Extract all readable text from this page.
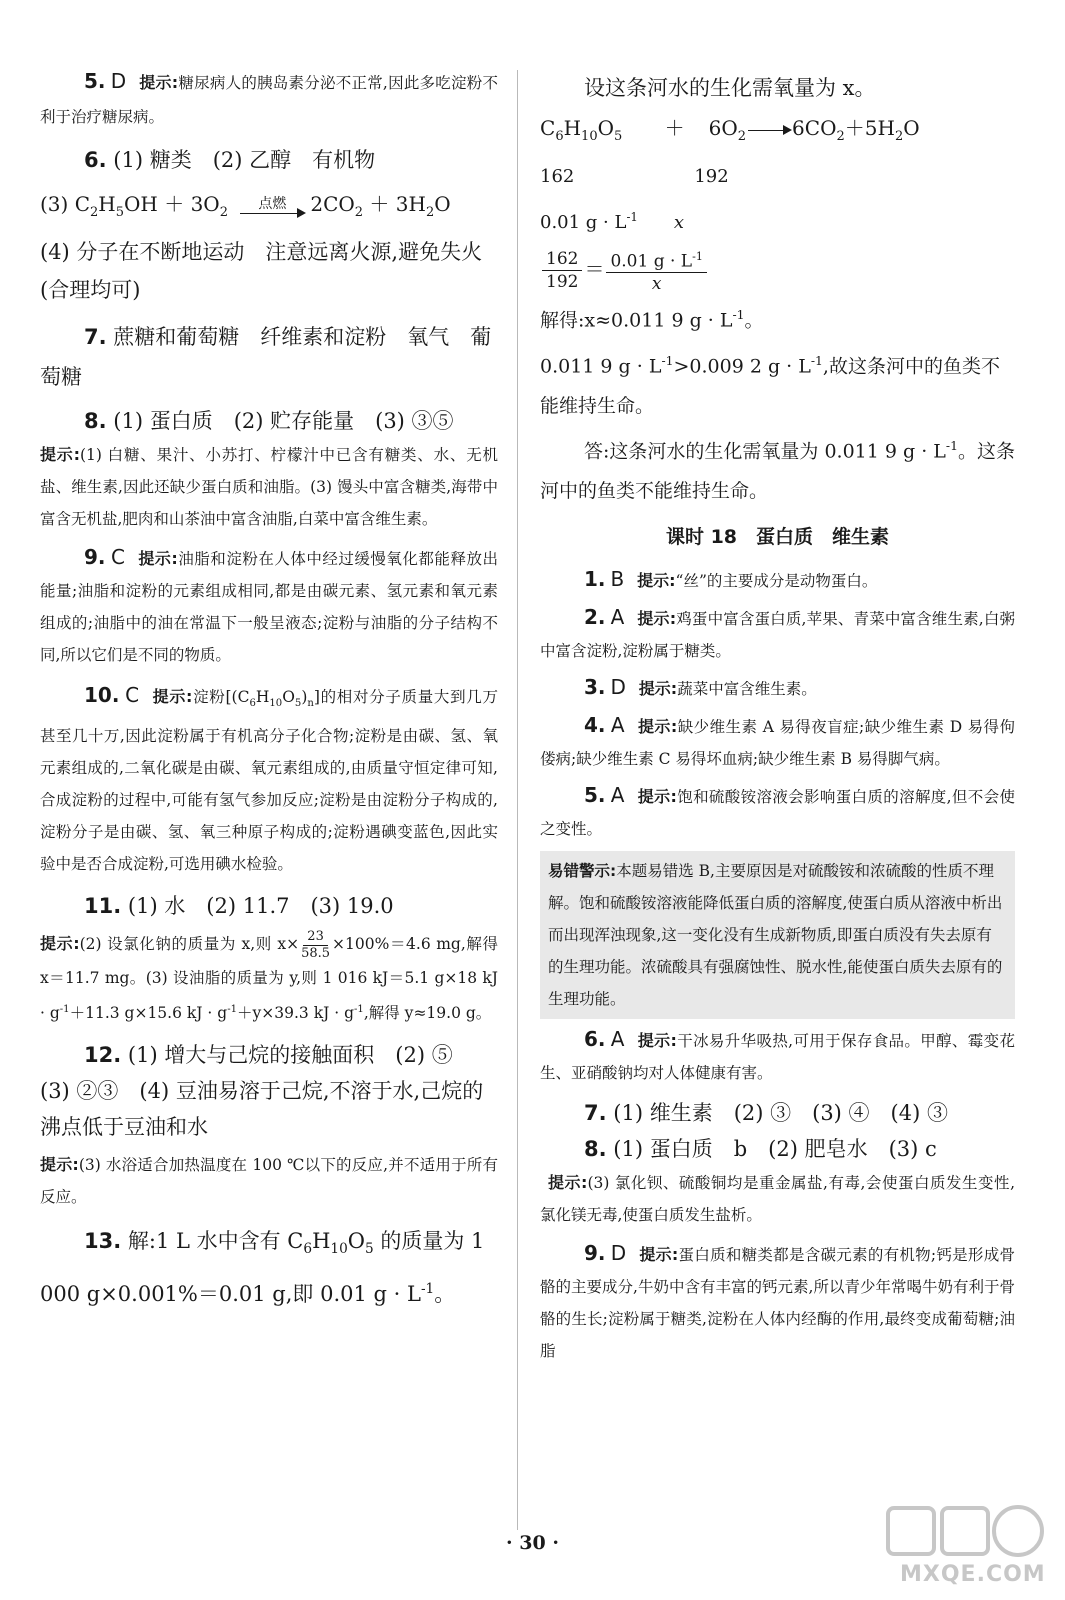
5. D 提示:糖尿病人的胰岛素分泌不正常,因此多吃淀粉不利于治疗糖尿病。

6. (1) 糖类　(2) 乙醇　有机物

(3) $C_2H_5OH + 3O_2$
点燃 $2CO_2 + 3H_2O$

(4) 分子在不断地运动　注意远离火源,避免失火(合理均可)

7. 蔗糖和葡萄糖　纤维素和淀粉　氧气　葡萄糖

8. (1) 蛋白质　(2) 贮存能量　(3) ③⑤

提示:(1) 白糖、果汁、小苏打、柠檬汁中已含有糖类、水、无机盐、维生素,因此还缺少蛋白质和油脂。(3) 馒头中富含糖类,海带中富含无机盐,肥肉和山茶油中富含油脂,白菜中富含维生素。

9. C 提示:油脂和淀粉在人体中经过缓慢氧化都能释放出能量;油脂和淀粉的元素组成相同,都是由碳元素、氢元素和氧元素组成的;油脂中的油在常温下一般呈液态;淀粉与油脂的分子结构不同,所以它们是不同的物质。

10. C 提示:淀粉$[(C_6H_{10}O_5)_n]$的相对分子质量大到几万甚至几十万,因此淀粉属于有机高分子化合物;淀粉是由碳、氢、氧元素组成的,二氧化碳是由碳、氧元素组成的,由质量守恒定律可知,合成淀粉的过程中,可能有氢气参加反应;淀粉是由淀粉分子构成的,淀粉分子是由碳、氢、氧三种原子构成的;淀粉遇碘变蓝色,因此实验中是否合成淀粉,可选用碘水检验。

11. (1) 水　(2) 11.7　(3) 19.0

提示:(2) 设氯化钠的质量为 x,则 $x\times \frac{23}{58.5} \times 100\%=4.6$ mg,解得 x＝11.7 mg。(3) 设油脂的质量为 y,则 1 016 kJ＝5.1 g×18 kJ · $g^{-1}+11.3$ g×15.6 kJ · $g^{-1}+y\times 39.3$ kJ · $g^{-1}$,解得 y≈19.0 g。

12. (1) 增大与己烷的接触面积　(2) ⑤　(3) ②③　(4) 豆油易溶于己烷,不溶于水,己烷的沸点低于豆油和水

提示:(3) 水浴适合加热温度在 100 ℃以下的反应,并不适用于所有反应。

13. 解:1 L 水中含有 $C_6H_{10}O_5$ 的质量为 1 000 g×0.001%＝0.01 g,即 0.01 $g \cdot L^{-1}$。

设这条河水的生化需氧量为 x。

$C_6H_{10}O_5 + 6O_2 \to 6CO_2+5H_2O$

162	192

0.01 $g \cdot L^{-1}$ x

$\frac{162}{192} = \frac{0.01 g \cdot L^{-1}}{x}$

解得:x≈0.011 9 $g \cdot L^{-1}$。

0.011 9 $g \cdot L^{-1}>0.009$ 2 $g \cdot L^{-1}$,故这条河中的鱼类不能维持生命。

答:这条河水的生化需氧量为 0.011 9 $g \cdot L^{-1}$。这条河中的鱼类不能维持生命。

课时 18　蛋白质　维生素

1. B 提示:“丝”的主要成分是动物蛋白。

2. A 提示:鸡蛋中富含蛋白质,苹果、青菜中富含维生素,白粥中富含淀粉,淀粉属于糖类。

3. D 提示:蔬菜中富含维生素。

4. A 提示:缺少维生素 A 易得夜盲症;缺少维生素 D 易得佝偻病;缺少维生素 C 易得坏血病;缺少维生素 B 易得脚气病。

5. A 提示:饱和硫酸铵溶液会影响蛋白质的溶解度,但不会使之变性。

易错警示:本题易错选 B,主要原因是对硫酸铵和浓硫酸的性质不理解。饱和硫酸铵溶液能降低蛋白质的溶解度,使蛋白质从溶液中析出而出现浑浊现象,这一变化没有生成新物质,即蛋白质没有失去原有的生理功能。浓硫酸具有强腐蚀性、脱水性,能使蛋白质失去原有的生理功能。

6. A 提示:干冰易升华吸热,可用于保存食品。甲醇、霉变花生、亚硝酸钠均对人体健康有害。

7. (1) 维生素　(2) ③　(3) ④　(4) ③

8. (1) 蛋白质　b　(2) 肥皂水　(3) c

提示:(3) 氯化钡、硫酸铜均是重金属盐,有毒,会使蛋白质发生变性,氯化镁无毒,使蛋白质发生盐析。

9. D 提示:蛋白质和糖类都是含碳元素的有机物;钙是形成骨骼的主要成分,牛奶中含有丰富的钙元素,所以青少年常喝牛奶有利于骨骼的生长;淀粉属于糖类,淀粉在人体内经酶的作用,最终变成葡萄糖;油脂

· 30 ·
MXQE.COM
